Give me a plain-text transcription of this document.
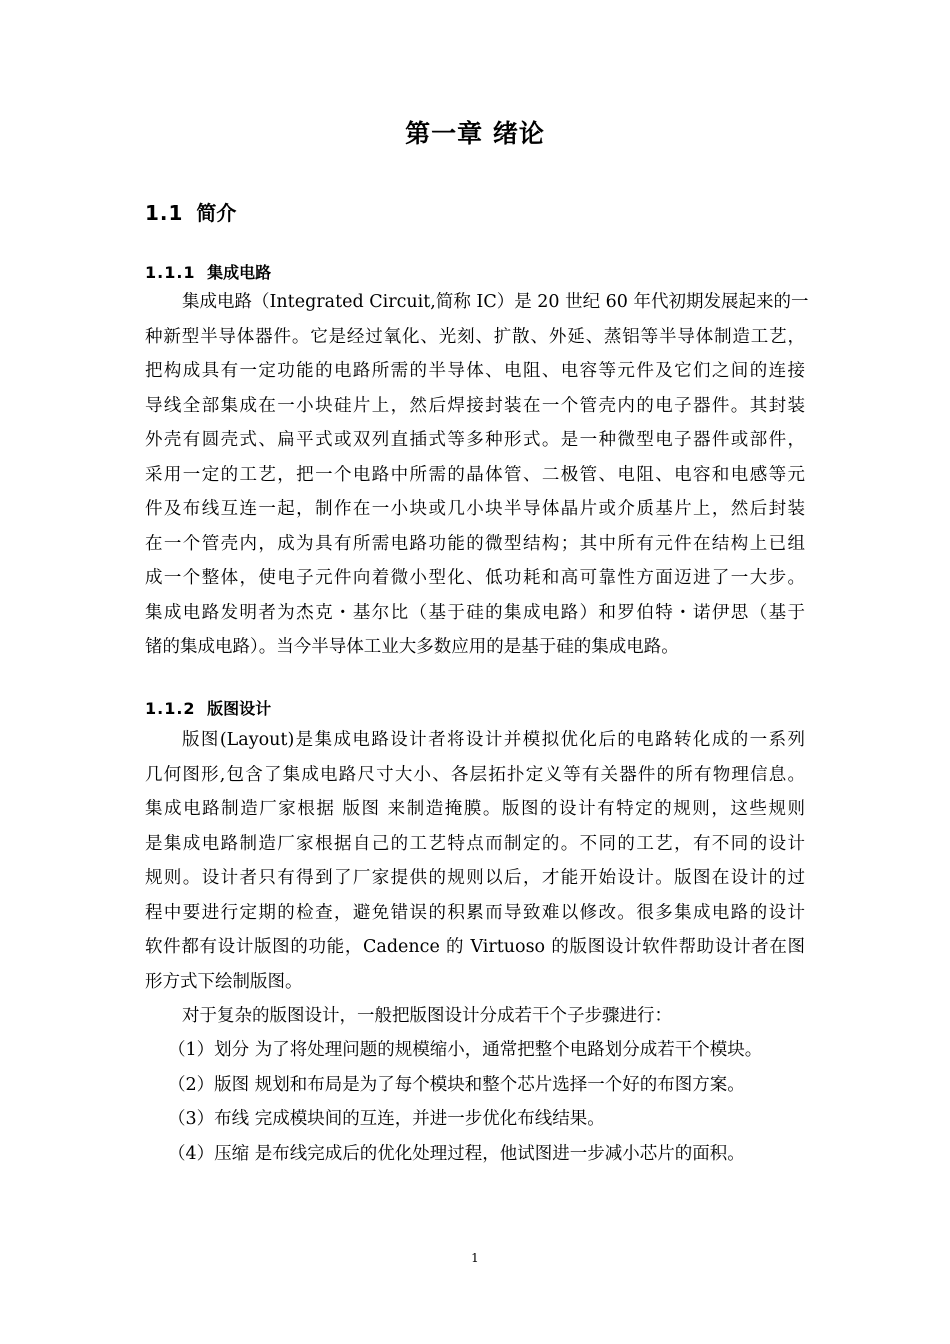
第一章 绪论
1.1 简介
1.1.1 集成电路
集成电路（Integrated Circuit,简称 IC）是 20 世纪 60 年代初期发展起来的一
种新型半导体器件。它是经过氧化、光刻、扩散、外延、蒸铝等半导体制造工艺，
把构成具有一定功能的电路所需的半导体、电阻、电容等元件及它们之间的连接
导线全部集成在一小块硅片上，然后焊接封装在一个管壳内的电子器件。其封装
外壳有圆壳式、扁平式或双列直插式等多种形式。是一种微型电子器件或部件，
采用一定的工艺，把一个电路中所需的晶体管、二极管、电阻、电容和电感等元
件及布线互连一起，制作在一小块或几小块半导体晶片或介质基片上，然后封装
在一个管壳内，成为具有所需电路功能的微型结构；其中所有元件在结构上已组
成一个整体，使电子元件向着微小型化、低功耗和高可靠性方面迈进了一大步。
集成电路发明者为杰克・基尔比（基于硅的集成电路）和罗伯特・诺伊思（基于
锗的集成电路）。当今半导体工业大多数应用的是基于硅的集成电路。
1.1.2 版图设计
版图(Layout)是集成电路设计者将设计并模拟优化后的电路转化成的一系列
几何图形,包含了集成电路尺寸大小、各层拓扑定义等有关器件的所有物理信息。
集成电路制造厂家根据 版图 来制造掩膜。版图的设计有特定的规则，这些规则
是集成电路制造厂家根据自己的工艺特点而制定的。不同的工艺，有不同的设计
规则。设计者只有得到了厂家提供的规则以后，才能开始设计。版图在设计的过
程中要进行定期的检查，避免错误的积累而导致难以修改。很多集成电路的设计
软件都有设计版图的功能，Cadence 的 Virtuoso 的版图设计软件帮助设计者在图
形方式下绘制版图。
对于复杂的版图设计，一般把版图设计分成若干个子步骤进行：
（1）划分 为了将处理问题的规模缩小，通常把整个电路划分成若干个模块。
（2）版图 规划和布局是为了每个模块和整个芯片选择一个好的布图方案。
（3）布线 完成模块间的互连，并进一步优化布线结果。
（4）压缩 是布线完成后的优化处理过程，他试图进一步减小芯片的面积。
1
